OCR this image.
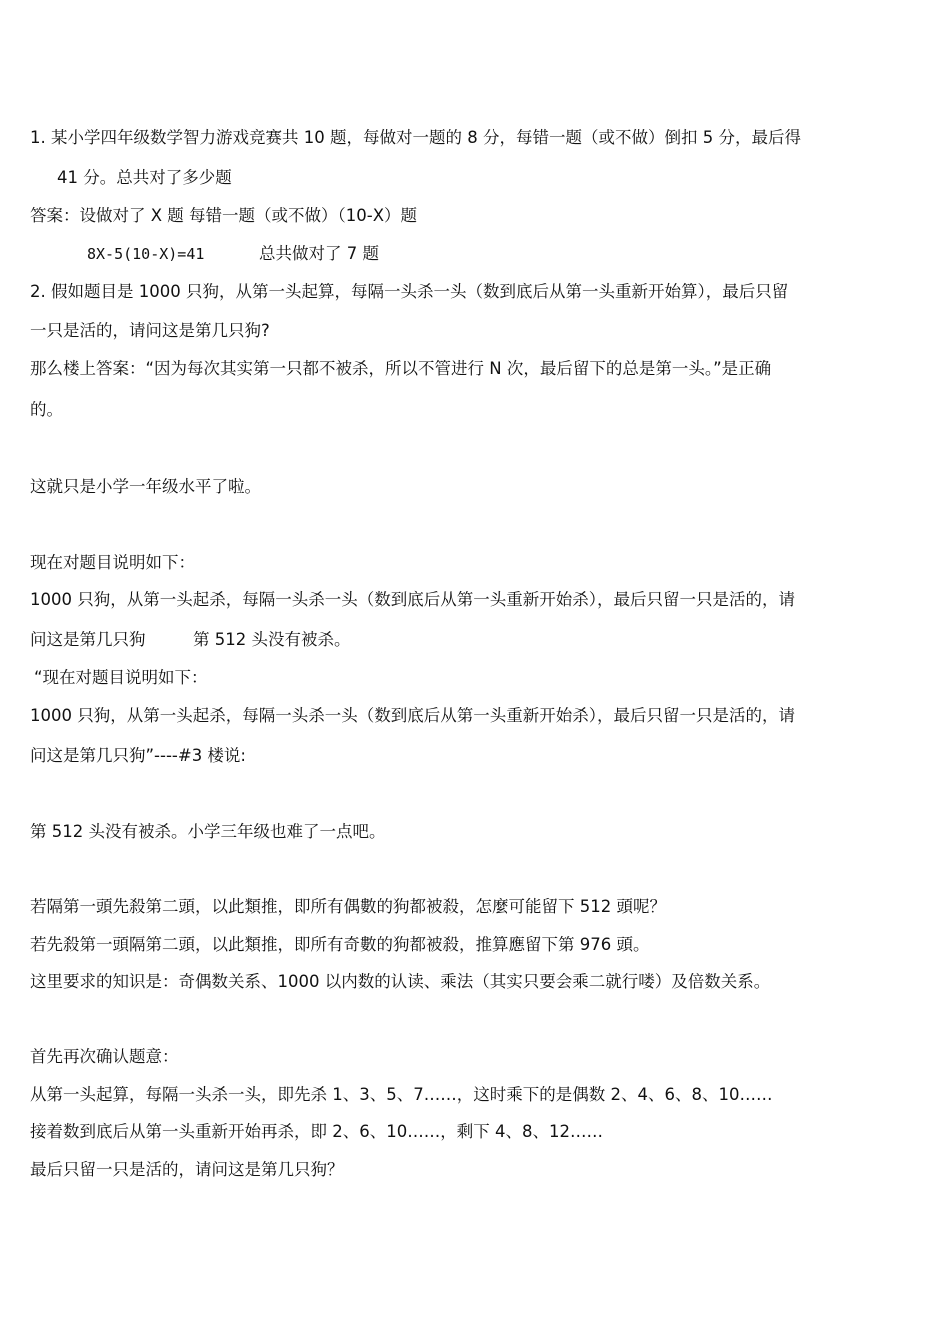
1. 某小学四年级数学智力游戏竞赛共 10 题，每做对一题的 8 分，每错一题（或不做）倒扣 5 分，最后得
41 分。总共对了多少题
答案：设做对了 X 题 每错一题（或不做）（10-X）题
8X-5(10-X)=41	总共做对了 7 题
2. 假如题目是 1000 只狗，从第一头起算，每隔一头杀一头（数到底后从第一头重新开始算），最后只留
一只是活的，请问这是第几只狗?
那么楼上答案：“因为每次其实第一只都不被杀，所以不管进行 N 次，最后留下的总是第一头。”是正确
的。
这就只是小学一年级水平了啦。
现在对题目说明如下：
1000 只狗，从第一头起杀，每隔一头杀一头（数到底后从第一头重新开始杀），最后只留一只是活的，请
问这是第几只狗	第 512 头没有被杀。
“现在对题目说明如下：
1000 只狗，从第一头起杀，每隔一头杀一头（数到底后从第一头重新开始杀），最后只留一只是活的，请
问这是第几只狗”----#3 楼说:
第 512 头没有被杀。小学三年级也难了一点吧。
若隔第一頭先殺第二頭，以此類推，即所有偶數的狗都被殺，怎麼可能留下 512 頭呢？
若先殺第一頭隔第二頭，以此類推，即所有奇數的狗都被殺，推算應留下第 976 頭。
这里要求的知识是：奇偶数关系、1000 以内数的认读、乘法（其实只要会乘二就行喽）及倍数关系。
首先再次确认题意：
从第一头起算，每隔一头杀一头，即先杀 1、3、5、7……，这时乘下的是偶数 2、4、6、8、10……
接着数到底后从第一头重新开始再杀，即 2、6、10……，剩下 4、8、12……
最后只留一只是活的，请问这是第几只狗？
